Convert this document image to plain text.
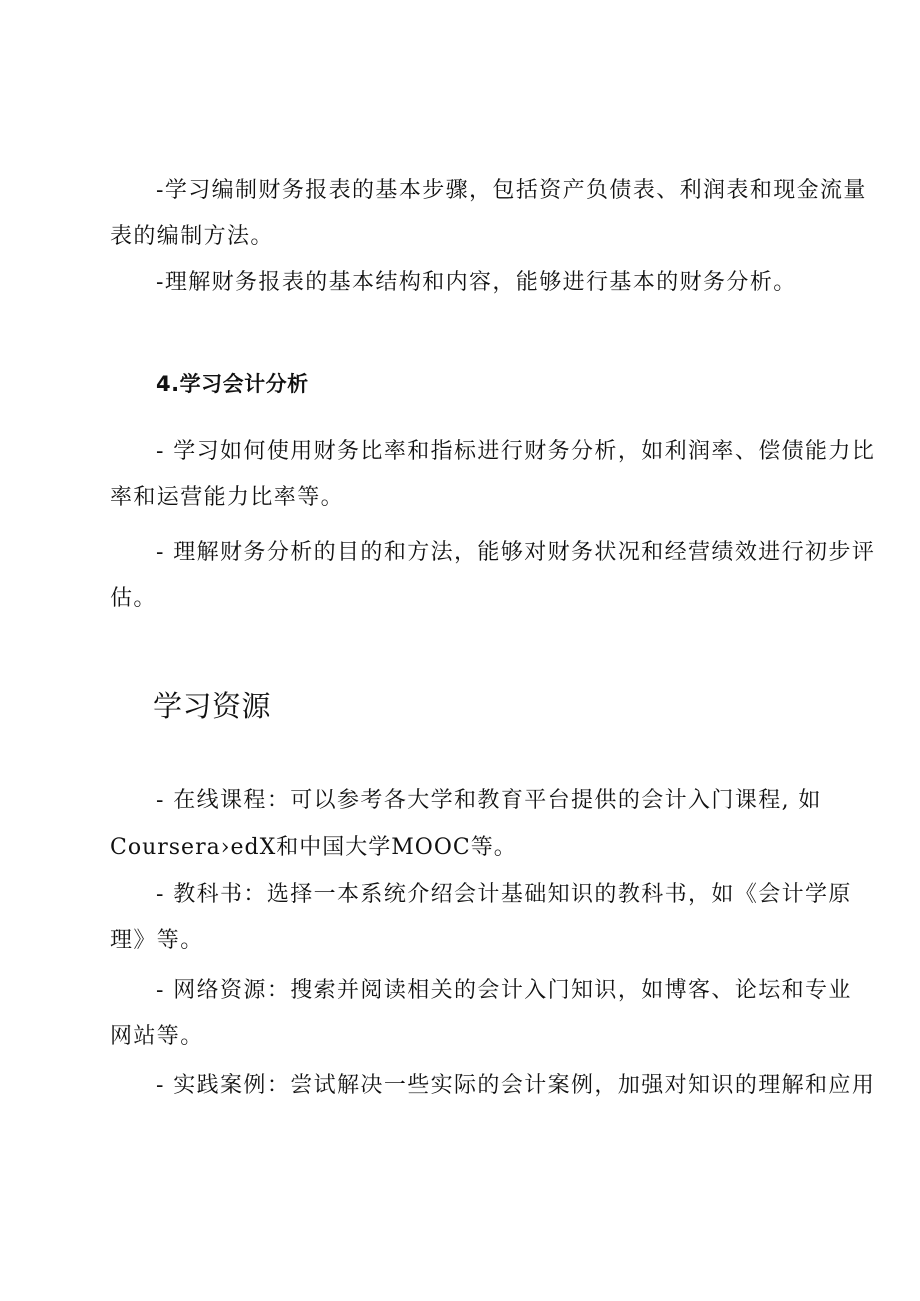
-学习编制财务报表的基本步骤，包括资产负债表、利润表和现金流量
表的编制方法。
-理解财务报表的基本结构和内容，能够进行基本的财务分析。
4.学习会计分析
- 学习如何使用财务比率和指标进行财务分析，如利润率、偿债能力比
率和运营能力比率等。
- 理解财务分析的目的和方法，能够对财务状况和经营绩效进行初步评
估。
学习资源
- 在线课程：可以参考各大学和教育平台提供的会计入门课程, 如
Coursera›edX和中国大学MOOC等。
- 教科书：选择一本系统介绍会计基础知识的教科书，如《会计学原
理》等。
- 网络资源：搜索并阅读相关的会计入门知识，如博客、论坛和专业
网站等。
- 实践案例：尝试解决一些实际的会计案例，加强对知识的理解和应用
